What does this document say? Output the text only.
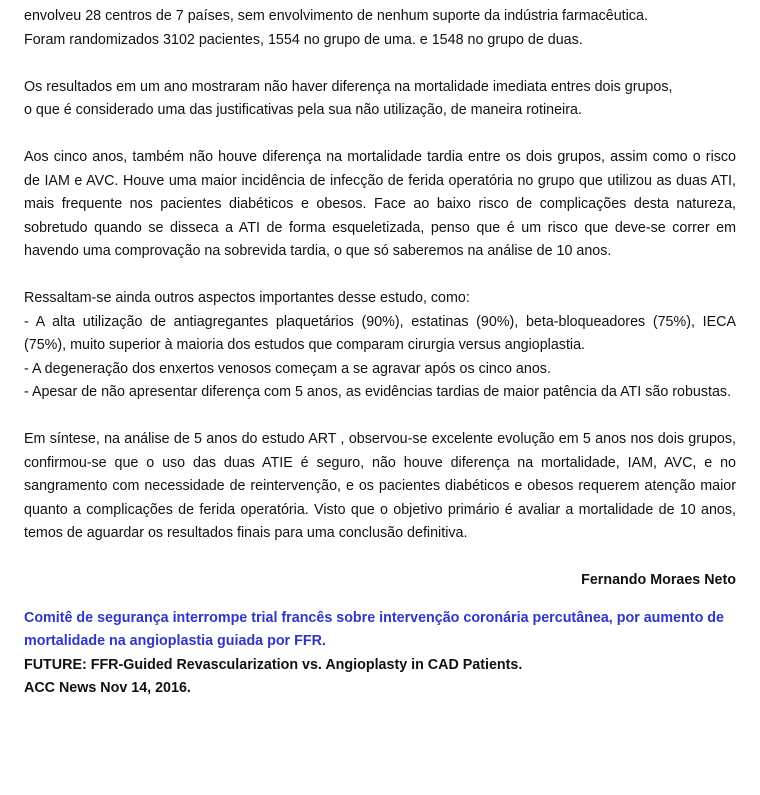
envolveu 28 centros de 7 países, sem envolvimento de nenhum suporte da indústria farmacêutica.
Foram randomizados 3102 pacientes, 1554 no grupo de uma. e 1548 no grupo de duas.

Os resultados em um ano mostraram não haver diferença na mortalidade imediata entres dois grupos,
o que é considerado uma das justificativas pela sua não utilização, de maneira rotineira.

Aos cinco anos, também não houve diferença na mortalidade tardia entre os dois grupos, assim como o risco de IAM e AVC. Houve uma maior incidência de infecção de ferida operatória no grupo que utilizou as duas ATI, mais frequente nos pacientes diabéticos e obesos. Face ao baixo risco de complicações desta natureza, sobretudo quando se disseca a ATI de forma esqueletizada, penso que é um risco que deve-se correr em havendo uma comprovação na sobrevida tardia, o que só saberemos na análise de 10 anos.

Ressaltam-se ainda outros aspectos importantes desse estudo, como:
- A alta utilização de antiagregantes plaquetários (90%), estatinas (90%), beta-bloqueadores (75%), IECA (75%), muito superior à maioria dos estudos que comparam cirurgia versus angioplastia.
- A degeneração dos enxertos venosos começam a se agravar após os cinco anos.
- Apesar de não apresentar diferença com 5 anos, as evidências tardias de maior patência da ATI são robustas.

Em síntese, na análise de 5 anos do estudo ART , observou-se excelente evolução em 5 anos nos dois grupos, confirmou-se que o uso das duas ATIE é seguro, não houve diferença na mortalidade, IAM, AVC, e no sangramento com necessidade de reintervenção, e os pacientes diabéticos e obesos requerem atenção maior quanto a complicações de ferida operatória. Visto que o objetivo primário é avaliar a mortalidade de 10 anos, temos de aguardar os resultados finais para uma conclusão definitiva.

Fernando Moraes Neto

Comitê de segurança interrompe trial francês sobre intervenção coronária percutânea, por aumento de mortalidade na angioplastia guiada por FFR.

FUTURE: FFR-Guided Revascularization vs. Angioplasty in CAD Patients.

ACC News Nov 14, 2016.
